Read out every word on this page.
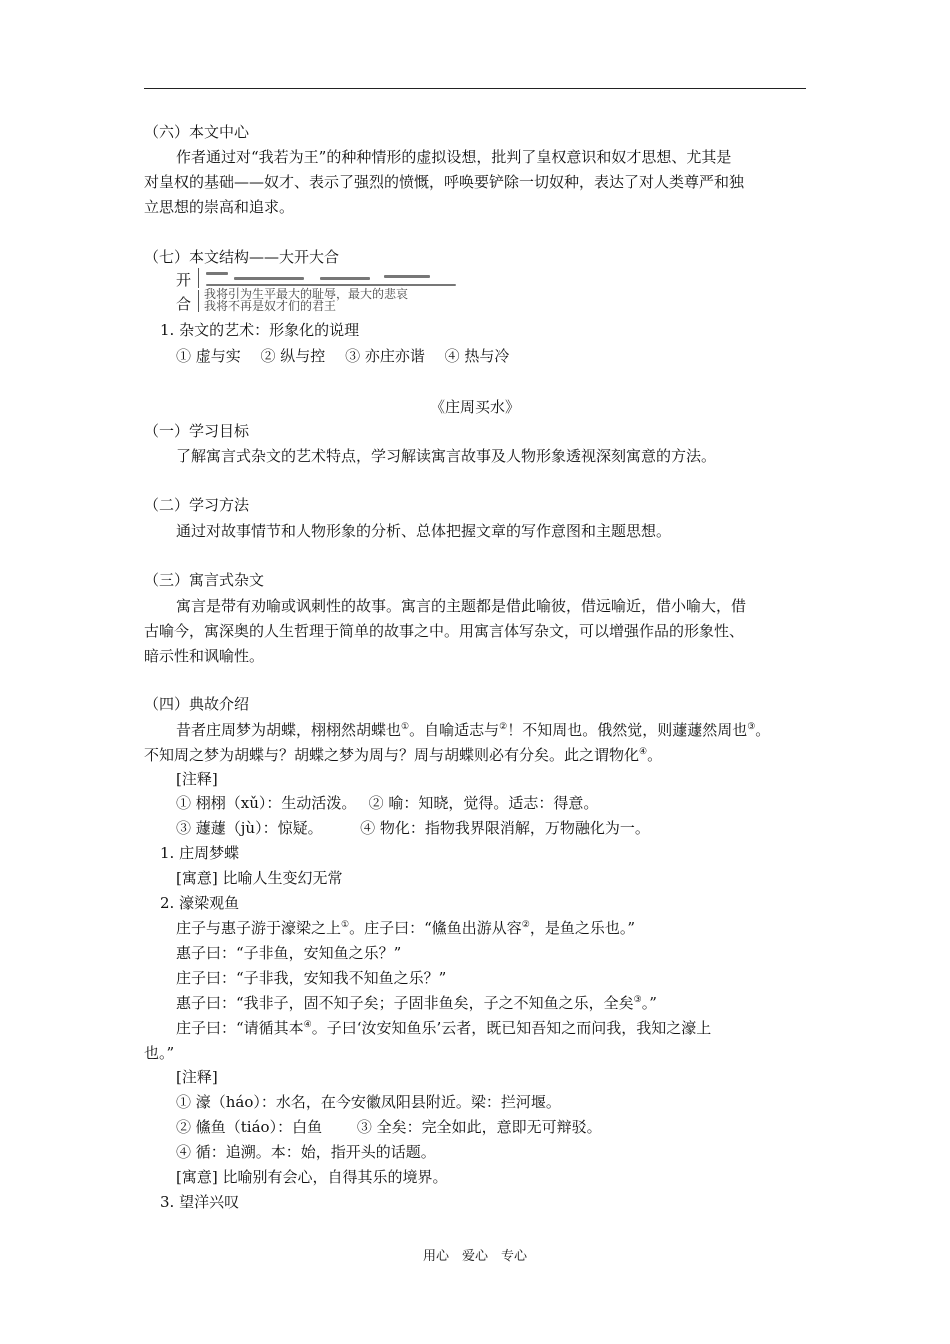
（六）本文中心
作者通过对“我若为王”的种种情形的虚拟设想，批判了皇权意识和奴才思想、尤其是
对皇权的基础——奴才、表示了强烈的愤慨，呼唤要铲除一切奴种，表达了对人类尊严和独
立思想的崇高和追求。
（七）本文结构——大开大合
开
合
我将引为生平最大的耻辱，最大的悲哀
我将不再是奴才们的君王
1. 杂文的艺术：形象化的说理
① 虚与实　 ② 纵与控　 ③ 亦庄亦谐　 ④ 热与冷
《庄周买水》
（一）学习目标
了解寓言式杂文的艺术特点，学习解读寓言故事及人物形象透视深刻寓意的方法。
（二）学习方法
通过对故事情节和人物形象的分析、总体把握文章的写作意图和主题思想。
（三）寓言式杂文
寓言是带有劝喻或讽刺性的故事。寓言的主题都是借此喻彼，借远喻近，借小喻大，借
古喻今，寓深奥的人生哲理于简单的故事之中。用寓言体写杂文，可以增强作品的形象性、
暗示性和讽喻性。
（四）典故介绍
昔者庄周梦为胡蝶，栩栩然胡蝶也①。自喻适志与②！不知周也。俄然觉，则蘧蘧然周也③。
不知周之梦为胡蝶与？胡蝶之梦为周与？周与胡蝶则必有分矣。此之谓物化④。
[注释]
① 栩栩（xǔ）：生动活泼。　 ② 喻：知晓，觉得。适志：得意。
③ 蘧蘧（jù）：惊疑。　　　④ 物化：指物我界限消解，万物融化为一。
1. 庄周梦蝶
[寓意] 比喻人生变幻无常
2. 濠梁观鱼
庄子与惠子游于濠梁之上①。庄子曰：“鯈鱼出游从容②，是鱼之乐也。”
惠子曰：“子非鱼，安知鱼之乐？”
庄子曰：“子非我，安知我不知鱼之乐？”
惠子曰：“我非子，固不知子矣；子固非鱼矣，子之不知鱼之乐，全矣③。”
庄子曰：“请循其本④。子曰‘汝安知鱼乐’云者，既已知吾知之而问我，我知之濠上
也。”
[注释]
① 濠（háo）：水名，在今安徽凤阳县附近。梁：拦河堰。
② 鯈鱼（tiáo）：白鱼　　 ③ 全矣：完全如此，意即无可辩驳。
④ 循：追溯。本：始，指开头的话题。
[寓意] 比喻别有会心，自得其乐的境界。
3. 望洋兴叹
用心　爱心　专心
